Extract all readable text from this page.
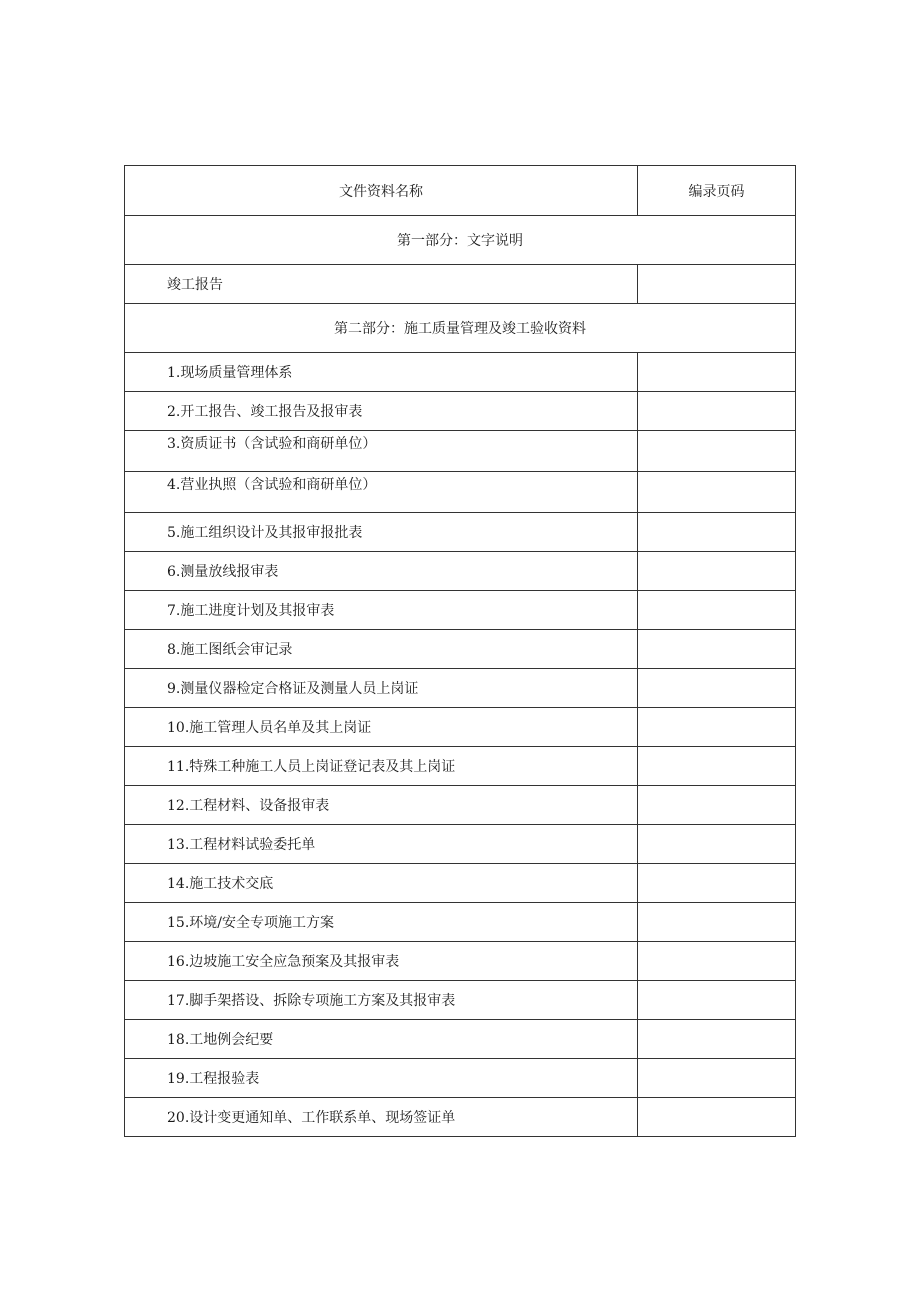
文件资料名称	编录页码
第一部分：文字说明	
竣工报告	
第二部分：施工质量管理及竣工验收资料	
1.现场质量管理体系	
2.开工报告、竣工报告及报审表	
3.资质证书（含试验和商研单位）	
4.营业执照（含试验和商研单位）	
5.施工组织设计及其报审报批表	
6.测量放线报审表	
7.施工进度计划及其报审表	
8.施工图纸会审记录	
9.测量仪器检定合格证及测量人员上岗证	
10.施工管理人员名单及其上岗证	
11.特殊工种施工人员上岗证登记表及其上岗证	
12.工程材料、设备报审表	
13.工程材料试验委托单	
14.施工技术交底	
15.环境/安全专项施工方案	
16.边坡施工安全应急预案及其报审表	
17.脚手架搭设、拆除专项施工方案及其报审表	
18.工地例会纪要	
19.工程报验表	
20.设计变更通知单、工作联系单、现场签证单	
